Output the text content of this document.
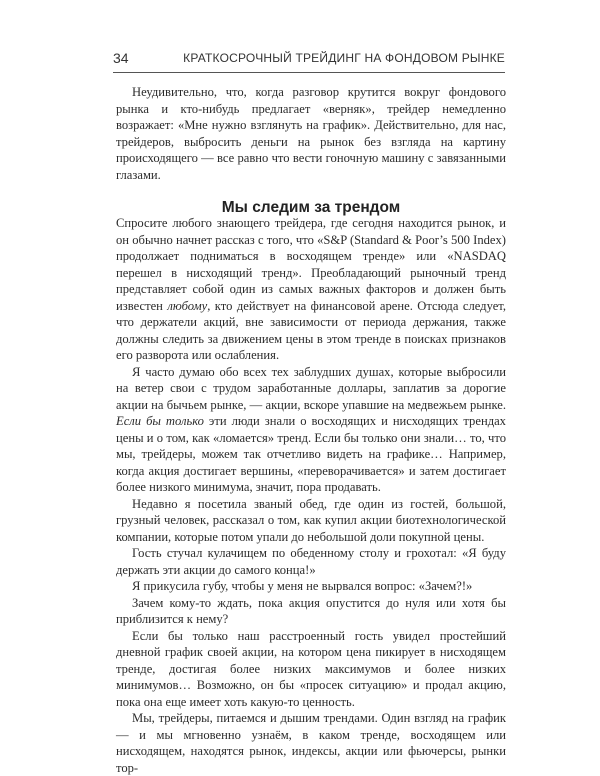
34	КРАТКОСРОЧНЫЙ ТРЕЙДИНГ НА ФОНДОВОМ РЫНКЕ

Неудивительно, что, когда разговор крутится вокруг фондового рынка и кто-нибудь предлагает «верняк», трейдер немедленно возражает: «Мне нужно взглянуть на график». Действительно, для нас, трейдеров, выбросить деньги на рынок без взгляда на картину происходящего — все равно что вести гоночную машину с завязанными глазами.

Мы следим за трендом

Спросите любого знающего трейдера, где сегодня находится рынок, и он обычно начнет рассказ с того, что «S&P (Standard & Poor’s 500 Index) продолжает подниматься в восходящем тренде» или «NASDAQ перешел в нисходящий тренд». Преобладающий рыночный тренд представляет собой один из самых важных факторов и должен быть известен любому, кто действует на финансовой арене. Отсюда следует, что держатели акций, вне зависимости от периода держания, также должны следить за движением цены в этом тренде в поисках признаков его разворота или ослабления.

Я часто думаю обо всех тех заблудших душах, которые выбросили на ветер свои с трудом заработанные доллары, заплатив за дорогие акции на бычьем рынке, — акции, вскоре упавшие на медвежьем рынке. Если бы только эти люди знали о восходящих и нисходящих трендах цены и о том, как «ломается» тренд. Если бы только они знали… то, что мы, трейдеры, можем так отчетливо видеть на графике… Например, когда акция достигает вершины, «переворачивается» и затем достигает более низкого минимума, значит, пора продавать.

Недавно я посетила званый обед, где один из гостей, большой, грузный человек, рассказал о том, как купил акции биотехнологической компании, которые потом упали до небольшой доли покупной цены.

Гость стучал кулачищем по обеденному столу и грохотал: «Я буду держать эти акции до самого конца!»

Я прикусила губу, чтобы у меня не вырвался вопрос: «Зачем?!»

Зачем кому-то ждать, пока акция опустится до нуля или хотя бы приблизится к нему?

Если бы только наш расстроенный гость увидел простейший дневной график своей акции, на котором цена пикирует в нисходящем тренде, достигая более низких максимумов и более низких минимумов… Возможно, он бы «просек ситуацию» и продал акцию, пока она еще имеет хоть какую-то ценность.

Мы, трейдеры, питаемся и дышим трендами. Один взгляд на график — и мы мгновенно узнаём, в каком тренде, восходящем или нисходящем, находятся рынок, индексы, акции или фьючерсы, рынки тор-
